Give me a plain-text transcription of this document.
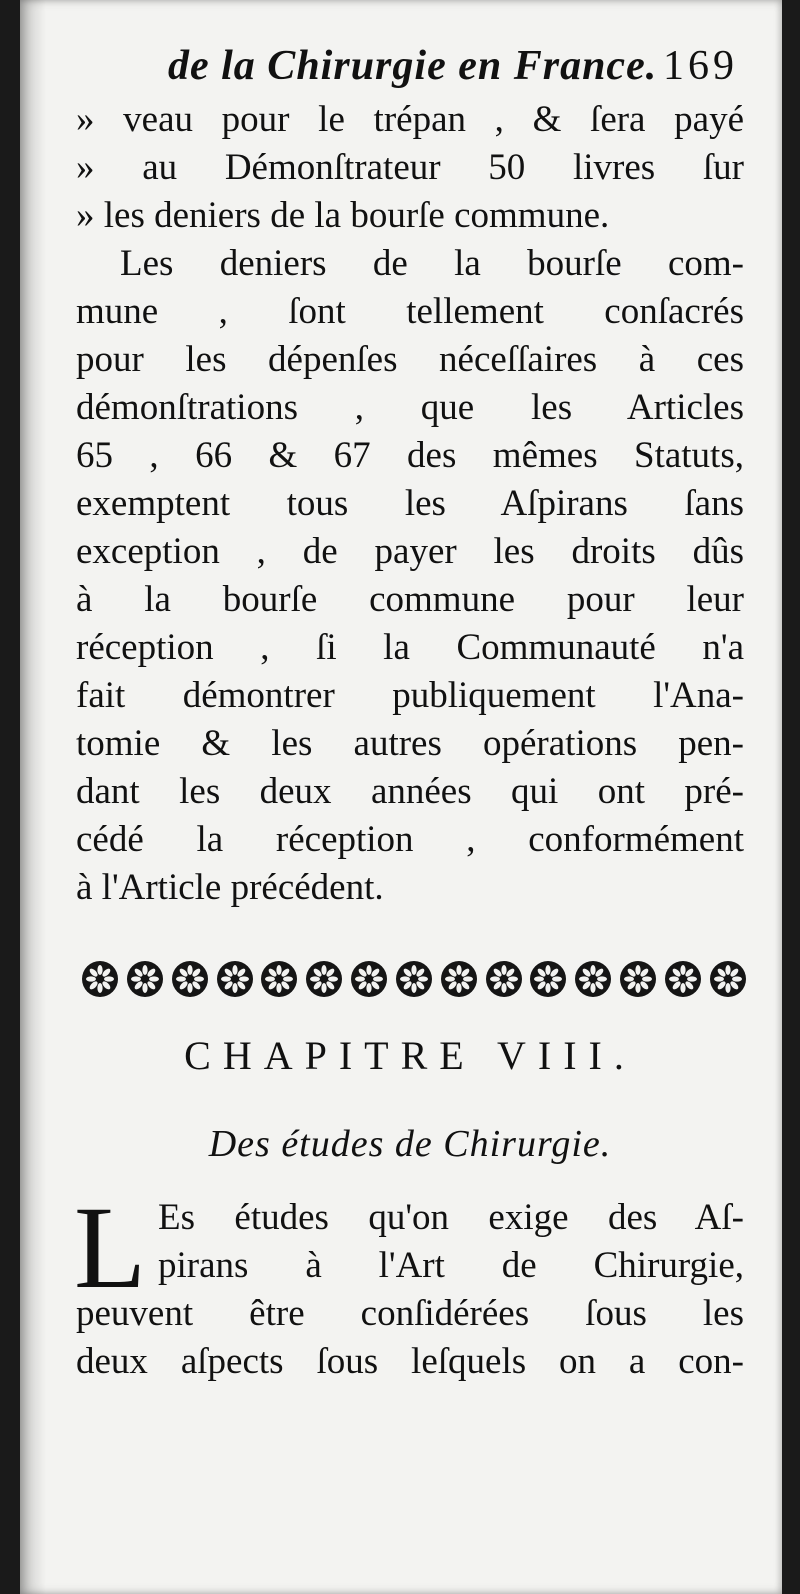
de la Chirurgie en France. 169
» veau pour le trépan , & ſera payé
» au Démonſtrateur 50 livres ſur
» les deniers de la bourſe commune.
Les deniers de la bourſe com-
mune , ſont tellement conſacrés
pour les dépenſes néceſſaires à ces
démonſtrations , que les Articles
65 , 66 & 67 des mêmes Statuts,
exemptent tous les Aſpirans ſans
exception , de payer les droits dûs
à la bourſe commune pour leur
réception , ſi la Communauté n'a
fait démontrer publiquement l'Ana-
tomie & les autres opérations pen-
dant les deux années qui ont pré-
cédé la réception , conformément
à l'Article précédent.
CHAPITRE VIII.
Des études de Chirurgie.
L Es études qu'on exige des Aſ-
pirans à l'Art de Chirurgie,
peuvent être conſidérées ſous les
deux aſpects ſous leſquels on a con-
